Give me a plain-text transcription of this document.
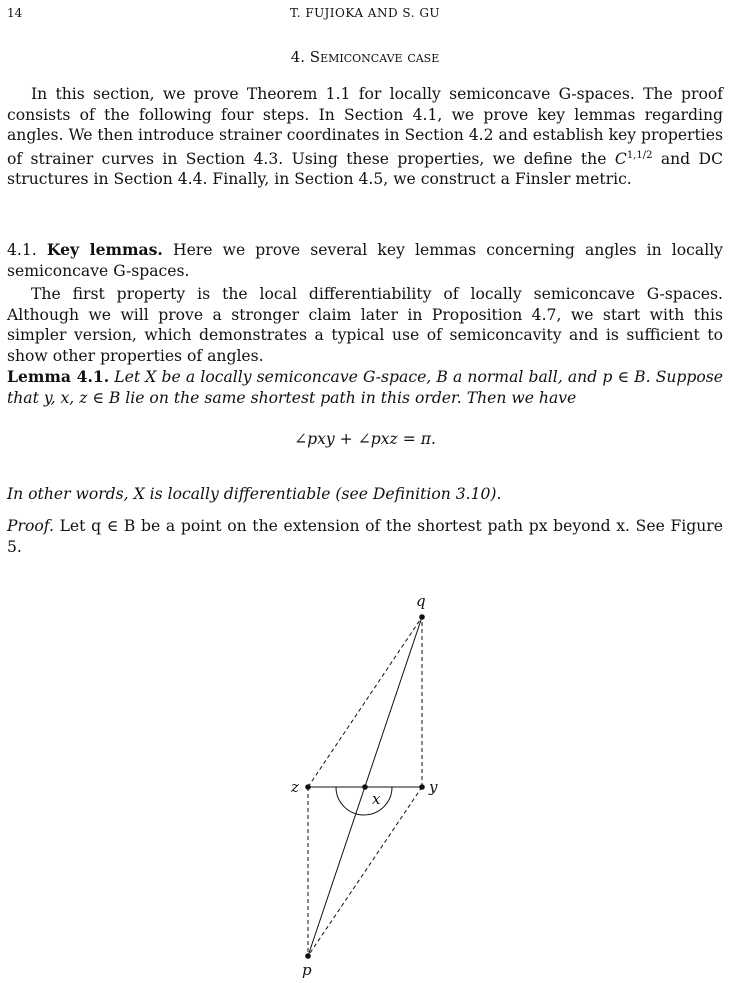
14	T. FUJIOKA AND S. GU
4. Semiconcave case
In this section, we prove Theorem 1.1 for locally semiconcave G-spaces. The proof consists of the following four steps. In Section 4.1, we prove key lemmas regarding angles. We then introduce strainer coordinates in Section 4.2 and establish key properties of strainer curves in Section 4.3. Using these properties, we define the $C^{1,1/2}$ and DC structures in Section 4.4. Finally, in Section 4.5, we construct a Finsler metric.
4.1. Key lemmas. Here we prove several key lemmas concerning angles in locally semiconcave G-spaces.
The first property is the local differentiability of locally semiconcave G-spaces. Although we will prove a stronger claim later in Proposition 4.7, we start with this simpler version, which demonstrates a typical use of semiconcavity and is sufficient to show other properties of angles.
Lemma 4.1. Let X be a locally semiconcave G-space, B a normal ball, and p ∈ B. Suppose that y, x, z ∈ B lie on the same shortest path in this order. Then we have
∠pxy + ∠pxz = π.
In other words, X is locally differentiable (see Definition 3.10).
Proof. Let q ∈ B be a point on the extension of the shortest path px beyond x. See Figure 5.
q
z
x
y
p
